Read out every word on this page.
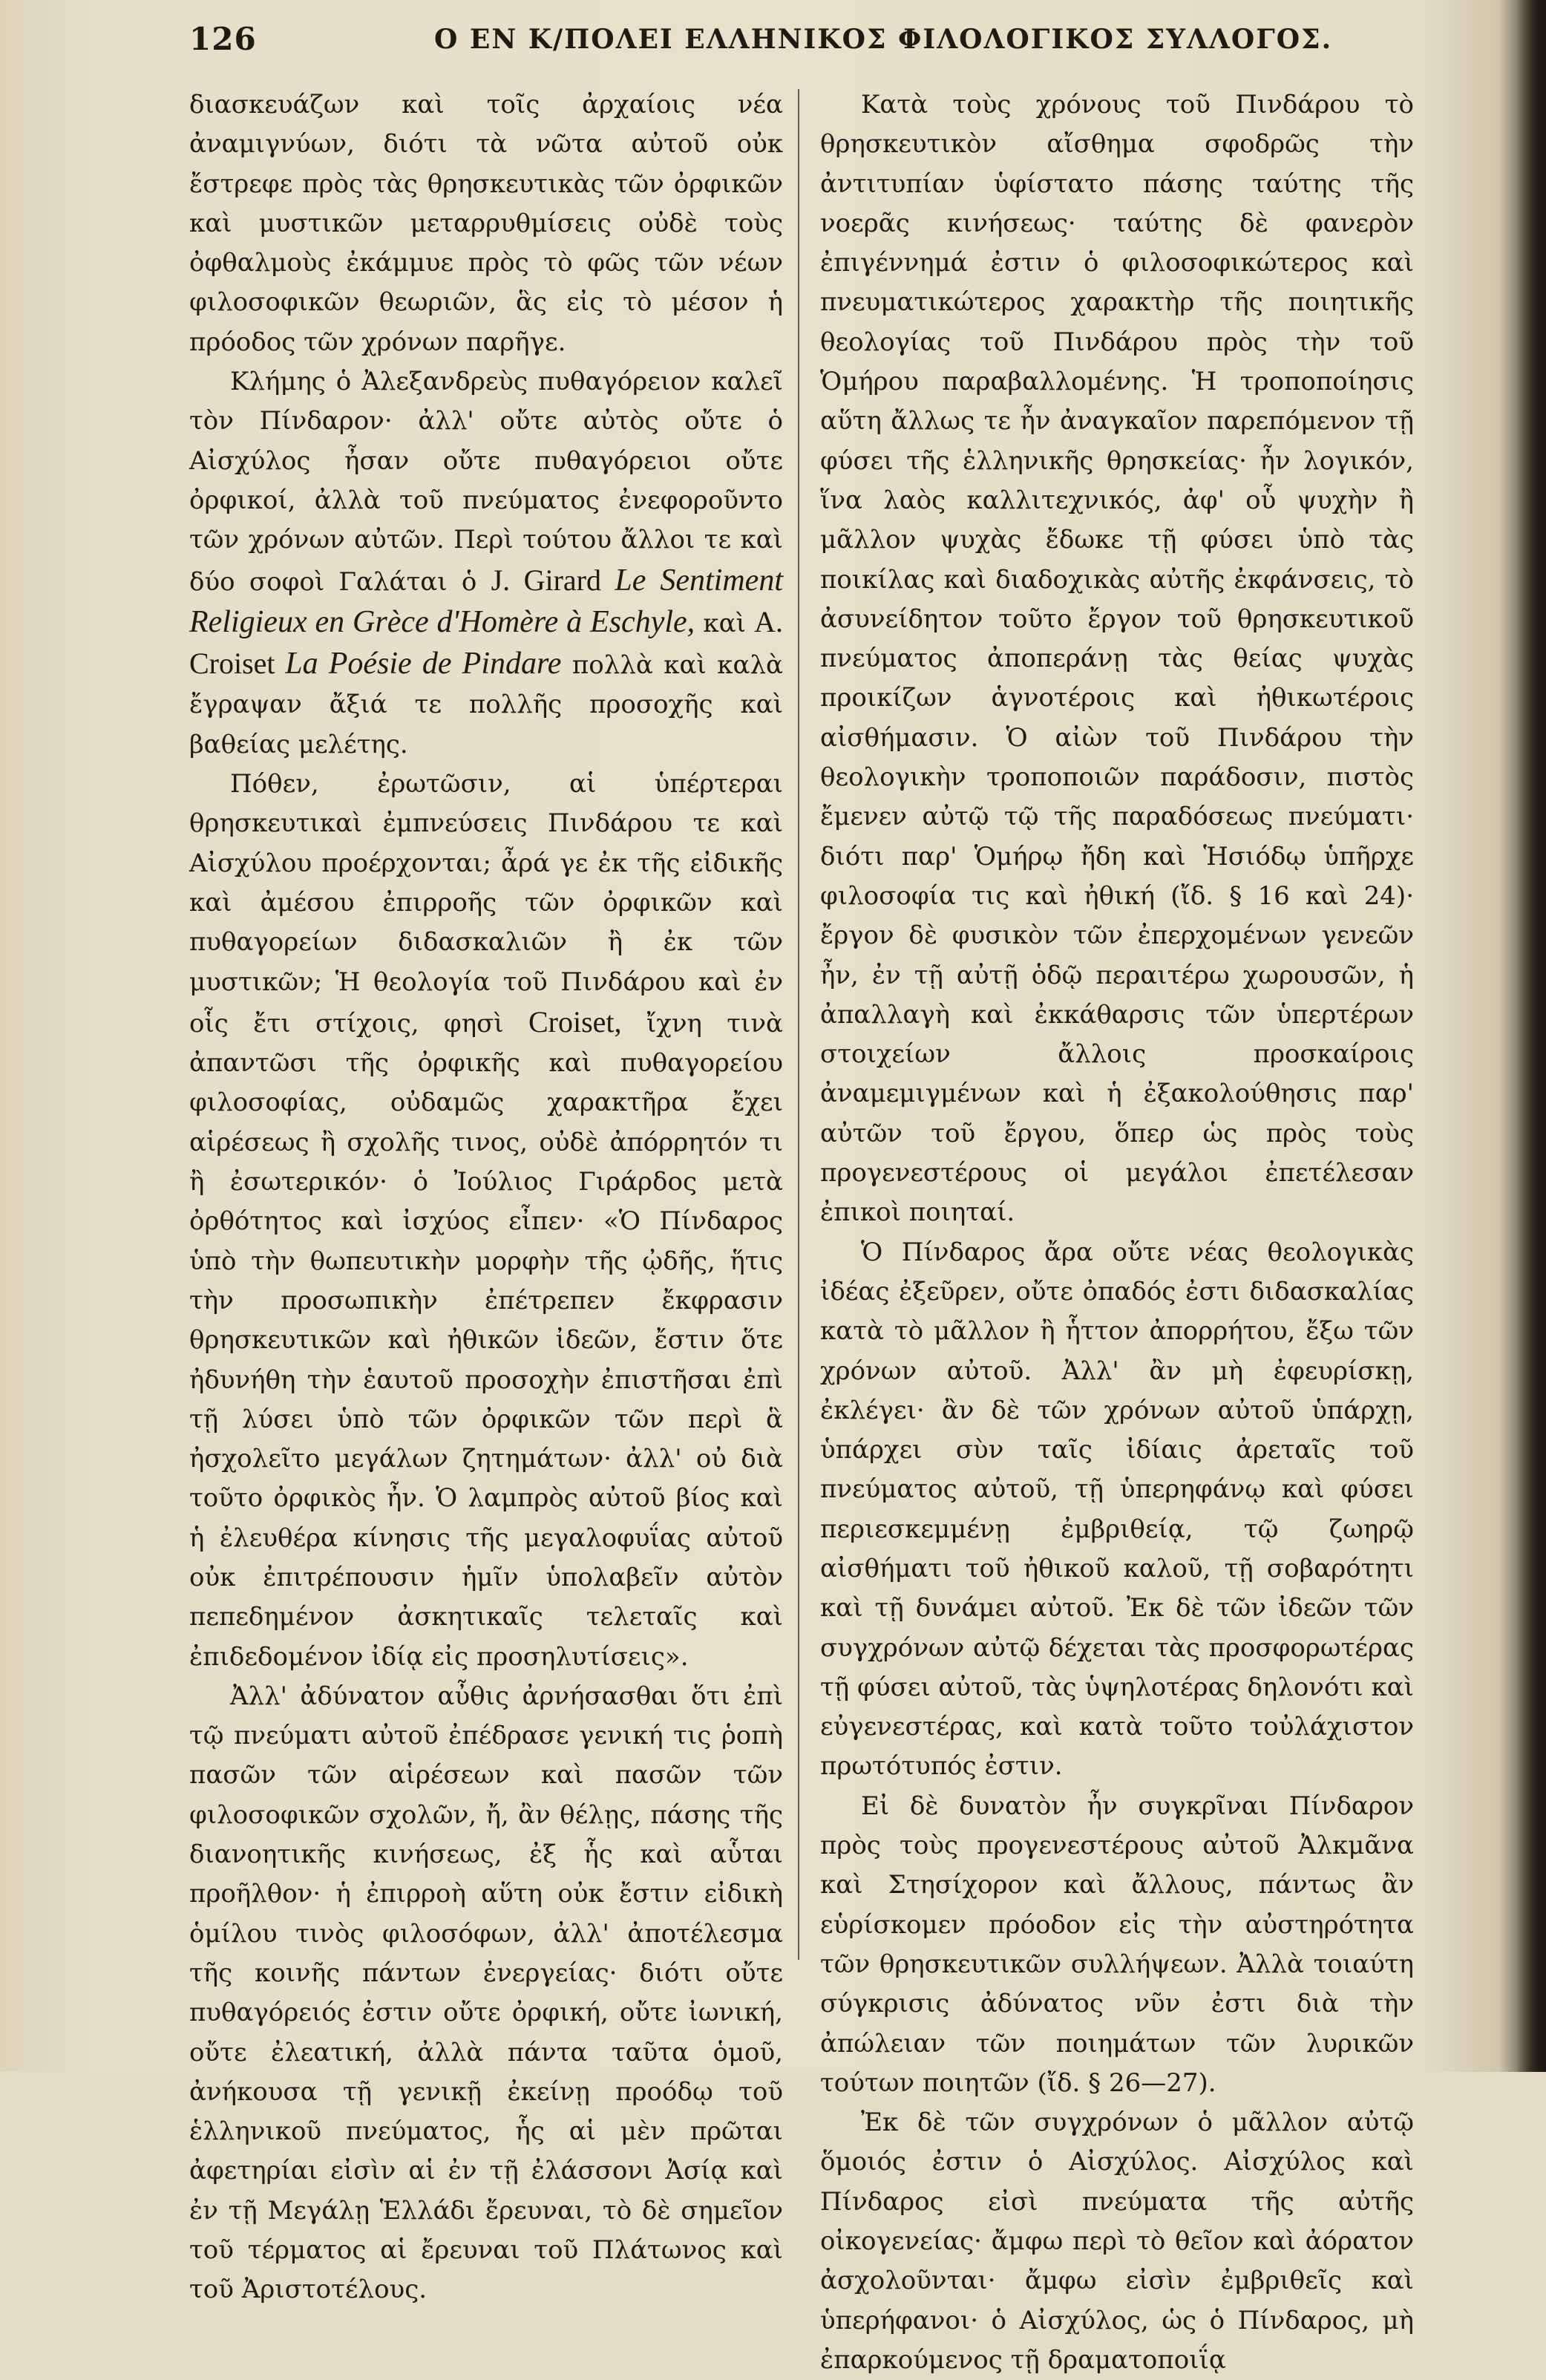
126	Ο ΕΝ Κ/ΠΟΛΕΙ ΕΛΛΗΝΙΚΟΣ ΦΙΛΟΛΟΓΙΚΟΣ ΣΥΛΛΟΓΟΣ.

διασκευάζων καὶ τοῖς ἀρχαίοις νέα ἀναμιγνύων, διότι τὰ νῶτα αὐτοῦ οὐκ ἔστρεφε πρὸς τὰς θρησκευτικὰς τῶν ὀρφικῶν καὶ μυστικῶν μεταρρυθμίσεις οὐδὲ τοὺς ὀφθαλμοὺς ἐκάμμυε πρὸς τὸ φῶς τῶν νέων φιλοσοφικῶν θεωριῶν, ἃς εἰς τὸ μέσον ἡ πρόοδος τῶν χρόνων παρῆγε.

Κλήμης ὁ Ἀλεξανδρεὺς πυθαγόρειον καλεῖ τὸν Πίνδαρον· ἀλλ' οὔτε αὐτὸς οὔτε ὁ Αἰσχύλος ἦσαν οὔτε πυθαγόρειοι οὔτε ὀρφικοί, ἀλλὰ τοῦ πνεύματος ἐνεφοροῦντο τῶν χρόνων αὐτῶν. Περὶ τούτου ἄλλοι τε καὶ δύο σοφοὶ Γαλάται ὁ J. Girard Le Sentiment Religieux en Grèce d'Homère à Eschyle, καὶ A. Croiset La Poésie de Pindare πολλὰ καὶ καλὰ ἔγραψαν ἄξιά τε πολλῆς προσοχῆς καὶ βαθείας μελέτης.

Πόθεν, ἐρωτῶσιν, αἱ ὑπέρτεραι θρησκευτικαὶ ἐμπνεύσεις Πινδάρου τε καὶ Αἰσχύλου προέρχονται; ἆρά γε ἐκ τῆς εἰδικῆς καὶ ἀμέσου ἐπιρροῆς τῶν ὀρφικῶν καὶ πυθαγορείων διδασκαλιῶν ἢ ἐκ τῶν μυστικῶν; Ἡ θεολογία τοῦ Πινδάρου καὶ ἐν οἷς ἔτι στίχοις, φησὶ Croiset, ἴχνη τινὰ ἀπαντῶσι τῆς ὀρφικῆς καὶ πυθαγορείου φιλοσοφίας, οὐδαμῶς χαρακτῆρα ἔχει αἱρέσεως ἢ σχολῆς τινος, οὐδὲ ἀπόρρητόν τι ἢ ἐσωτερικόν· ὁ Ἰούλιος Γιράρδος μετὰ ὀρθότητος καὶ ἰσχύος εἶπεν· «Ὁ Πίνδαρος ὑπὸ τὴν θωπευτικὴν μορφὴν τῆς ᾠδῆς, ἥτις τὴν προσωπικὴν ἐπέτρεπεν ἔκφρασιν θρησκευτικῶν καὶ ἠθικῶν ἰδεῶν, ἔστιν ὅτε ἠδυνήθη τὴν ἑαυτοῦ προσοχὴν ἐπιστῆσαι ἐπὶ τῇ λύσει ὑπὸ τῶν ὀρφικῶν τῶν περὶ ἃ ἠσχολεῖτο μεγάλων ζητημάτων· ἀλλ' οὐ διὰ τοῦτο ὀρφικὸς ἦν. Ὁ λαμπρὸς αὐτοῦ βίος καὶ ἡ ἐλευθέρα κίνησις τῆς μεγαλοφυΐας αὐτοῦ οὐκ ἐπιτρέπουσιν ἡμῖν ὑπολαβεῖν αὐτὸν πεπεδημένον ἀσκητικαῖς τελεταῖς καὶ ἐπιδεδομένον ἰδίᾳ εἰς προσηλυτίσεις».

Ἀλλ' ἀδύνατον αὖθις ἀρνήσασθαι ὅτι ἐπὶ τῷ πνεύματι αὐτοῦ ἐπέδρασε γενική τις ῥοπὴ πασῶν τῶν αἱρέσεων καὶ πασῶν τῶν φιλοσοφικῶν σχολῶν, ἤ, ἂν θέλῃς, πάσης τῆς διανοητικῆς κινήσεως, ἐξ ἧς καὶ αὗται προῆλθον· ἡ ἐπιρροὴ αὕτη οὐκ ἔστιν εἰδικὴ ὁμίλου τινὸς φιλοσόφων, ἀλλ' ἀποτέλεσμα τῆς κοινῆς πάντων ἐνεργείας· διότι οὔτε πυθαγόρειός ἐστιν οὔτε ὀρφική, οὔτε ἰωνική, οὔτε ἐλεατική, ἀλλὰ πάντα ταῦτα ὁμοῦ, ἀνήκουσα τῇ γενικῇ ἐκείνῃ προόδῳ τοῦ ἑλληνικοῦ πνεύματος, ἧς αἱ μὲν πρῶται ἀφετηρίαι εἰσὶν αἱ ἐν τῇ ἐλάσσονι Ἀσίᾳ καὶ ἐν τῇ Μεγάλῃ Ἑλλάδι ἔρευναι, τὸ δὲ σημεῖον τοῦ τέρματος αἱ ἔρευναι τοῦ Πλάτωνος καὶ τοῦ Ἀριστοτέλους.

Κατὰ τοὺς χρόνους τοῦ Πινδάρου τὸ θρησκευτικὸν αἴσθημα σφοδρῶς τὴν ἀντιτυπίαν ὑφίστατο πάσης ταύτης τῆς νοερᾶς κινήσεως· ταύτης δὲ φανερὸν ἐπιγέννημά ἐστιν ὁ φιλοσοφικώτερος καὶ πνευματικώτερος χαρακτὴρ τῆς ποιητικῆς θεολογίας τοῦ Πινδάρου πρὸς τὴν τοῦ Ὁμήρου παραβαλλομένης. Ἡ τροποποίησις αὕτη ἄλλως τε ἦν ἀναγκαῖον παρεπόμενον τῇ φύσει τῆς ἑλληνικῆς θρησκείας· ἦν λογικόν, ἵνα λαὸς καλλιτεχνικός, ἀφ' οὗ ψυχὴν ἢ μᾶλλον ψυχὰς ἔδωκε τῇ φύσει ὑπὸ τὰς ποικίλας καὶ διαδοχικὰς αὐτῆς ἐκφάνσεις, τὸ ἀσυνείδητον τοῦτο ἔργον τοῦ θρησκευτικοῦ πνεύματος ἀποπεράνῃ τὰς θείας ψυχὰς προικίζων ἁγνοτέροις καὶ ἠθικωτέροις αἰσθήμασιν. Ὁ αἰὼν τοῦ Πινδάρου τὴν θεολογικὴν τροποποιῶν παράδοσιν, πιστὸς ἔμενεν αὐτῷ τῷ τῆς παραδόσεως πνεύματι· διότι παρ' Ὁμήρῳ ἤδη καὶ Ἡσιόδῳ ὑπῆρχε φιλοσοφία τις καὶ ἠθική (ἴδ. § 16 καὶ 24)· ἔργον δὲ φυσικὸν τῶν ἐπερχομένων γενεῶν ἦν, ἐν τῇ αὐτῇ ὁδῷ περαιτέρω χωρουσῶν, ἡ ἀπαλλαγὴ καὶ ἐκκάθαρσις τῶν ὑπερτέρων στοιχείων ἄλλοις προσκαίροις ἀναμεμιγμένων καὶ ἡ ἐξακολούθησις παρ' αὐτῶν τοῦ ἔργου, ὅπερ ὡς πρὸς τοὺς προγενεστέρους οἱ μεγάλοι ἐπετέλεσαν ἐπικοὶ ποιηταί.

Ὁ Πίνδαρος ἄρα οὔτε νέας θεολογικὰς ἰδέας ἐξεῦρεν, οὔτε ὀπαδός ἐστι διδασκαλίας κατὰ τὸ μᾶλλον ἢ ἧττον ἀπορρήτου, ἔξω τῶν χρόνων αὐτοῦ. Ἀλλ' ἂν μὴ ἐφευρίσκῃ, ἐκλέγει· ἂν δὲ τῶν χρόνων αὐτοῦ ὑπάρχῃ, ὑπάρχει σὺν ταῖς ἰδίαις ἀρεταῖς τοῦ πνεύματος αὐτοῦ, τῇ ὑπερηφάνῳ καὶ φύσει περιεσκεμμένῃ ἐμβριθείᾳ, τῷ ζωηρῷ αἰσθήματι τοῦ ἠθικοῦ καλοῦ, τῇ σοβαρότητι καὶ τῇ δυνάμει αὐτοῦ. Ἐκ δὲ τῶν ἰδεῶν τῶν συγχρόνων αὐτῷ δέχεται τὰς προσφορωτέρας τῇ φύσει αὐτοῦ, τὰς ὑψηλοτέρας δηλονότι καὶ εὐγενεστέρας, καὶ κατὰ τοῦτο τοὐλάχιστον πρωτότυπός ἐστιν.

Εἰ δὲ δυνατὸν ἦν συγκρῖναι Πίνδαρον πρὸς τοὺς προγενεστέρους αὐτοῦ Ἀλκμᾶνα καὶ Στησίχορον καὶ ἄλλους, πάντως ἂν εὑρίσκομεν πρόοδον εἰς τὴν αὐστηρότητα τῶν θρησκευτικῶν συλλήψεων. Ἀλλὰ τοιαύτη σύγκρισις ἀδύνατος νῦν ἐστι διὰ τὴν ἀπώλειαν τῶν ποιημάτων τῶν λυρικῶν τούτων ποιητῶν (ἴδ. § 26—27).

Ἐκ δὲ τῶν συγχρόνων ὁ μᾶλλον αὐτῷ ὅμοιός ἐστιν ὁ Αἰσχύλος. Αἰσχύλος καὶ Πίνδαρος εἰσὶ πνεύματα τῆς αὐτῆς οἰκογενείας· ἄμφω περὶ τὸ θεῖον καὶ ἀόρατον ἀσχολοῦνται· ἄμφω εἰσὶν ἐμβριθεῖς καὶ ὑπερήφανοι· ὁ Αἰσχύλος, ὡς ὁ Πίνδαρος, μὴ ἐπαρκούμενος τῇ δραματοποιΐᾳ
